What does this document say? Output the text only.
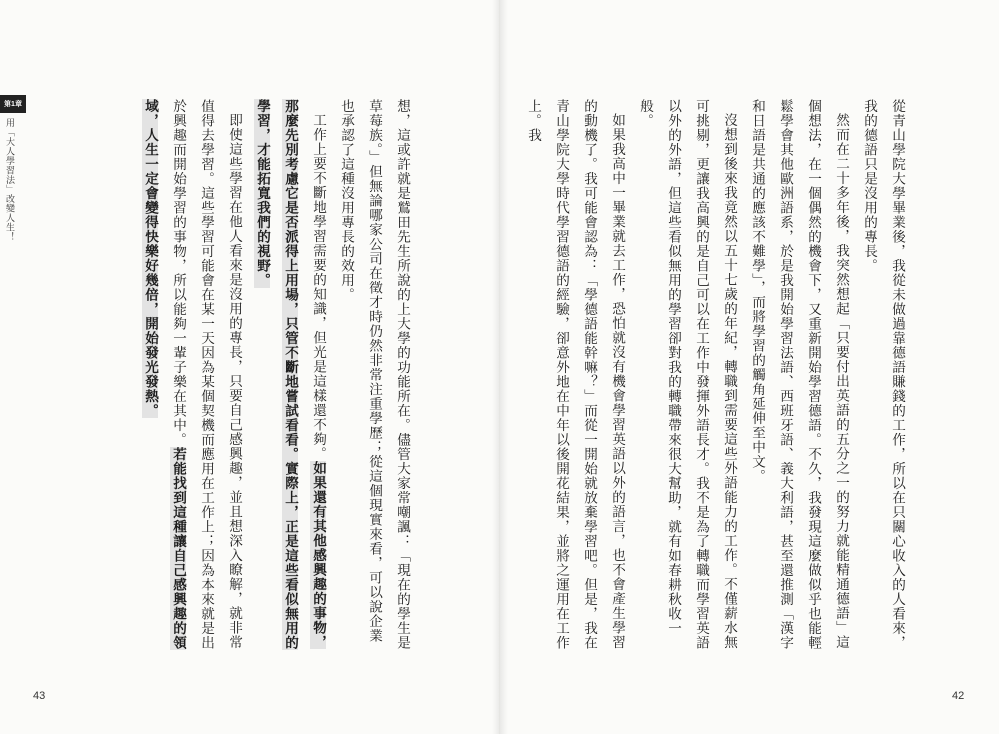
第1章
用「大人學習法」改變人生！
43

想，這或許就是鷲田先生所說的上大學的功能所在。儘管大家常嘲諷：「現在的學生是草莓族。」但無論哪家公司在徵才時仍然非常注重學歷；從這個現實來看，可以說企業也承認了這種沒用專長的效用。

工作上要不斷地學習需要的知識，但光是這樣還不夠。如果還有其他感興趣的事物，那麼先別考慮它是否派得上用場，只管不斷地嘗試看看。實際上，正是這些看似無用的學習，才能拓寬我們的視野。

即使這些學習在他人看來是沒用的專長，只要自己感興趣，並且想深入瞭解，就非常值得去學習。這些學習可能會在某一天因為某個契機而應用在工作上；因為本來就是出於興趣而開始學習的事物，所以能夠一輩子樂在其中。若能找到這種讓自己感興趣的領域，人生一定會變得快樂好幾倍，開始發光發熱。	從青山學院大學畢業後，我從未做過靠德語賺錢的工作，所以在只關心收入的人看來，我的德語只是沒用的專長。

然而在二十多年後，我突然想起「只要付出英語的五分之一的努力就能精通德語」這個想法，在一個偶然的機會下，又重新開始學習德語。不久，我發現這麼做似乎也能輕鬆學會其他歐洲語系，於是我開始學習法語、西班牙語、義大利語，甚至還推測「漢字和日語是共通的應該不難學」，而將學習的觸角延伸至中文。

沒想到後來我竟然以五十七歲的年紀，轉職到需要這些外語能力的工作。不僅薪水無可挑剔，更讓我高興的是自己可以在工作中發揮外語長才。我不是為了轉職而學習英語以外的外語，但這些看似無用的學習卻對我的轉職帶來很大幫助，就有如春耕秋收一般。

如果我高中一畢業就去工作，恐怕就沒有機會學習英語以外的語言，也不會產生學習的動機了。我可能會認為：「學德語能幹嘛？」而從一開始就放棄學習吧。但是，我在青山學院大學時代學習德語的經驗，卻意外地在中年以後開花結果，並將之運用在工作上。我

42
